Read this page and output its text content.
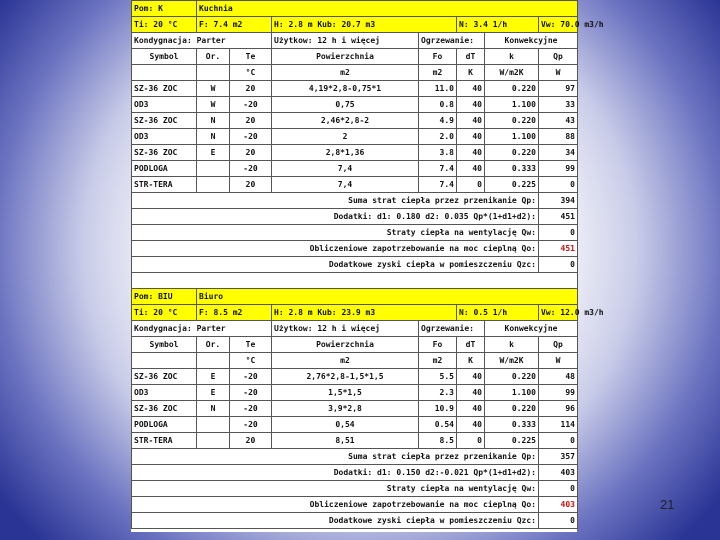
Pom: K	Kuchnia						
Ti: 20 °C	F: 7.4 m2		H: 2.8 m Kub: 20.7 m3		N: 3.4 1/h		Vw: 70.0 m3/h
Kondygnacja: Parter			Użytkow: 12 h i więcej	Ogrzewanie:		Konwekcyjne	
Symbol	Or.	Te	Powierzchnia	Fo	dT	k	Qp
		°C	m2	m2	K	W/m2K	W
SZ-36 ZOC	W	20	4,19*2,8-0,75*1	11.0	40	0.220	97
OD3	W	-20	0,75	0.8	40	1.100	33
SZ-36 ZOC	N	20	2,46*2,8-2	4.9	40	0.220	43
OD3	N	-20	2	2.0	40	1.100	88
SZ-36 ZOC	E	20	2,8*1,36	3.8	40	0.220	34
PODLOGA		-20	7,4	7.4	40	0.333	99
STR-TERA		20	7,4	7.4	0	0.225	0
Suma strat ciepła przez przenikanie Qp:							394
Dodatki: d1: 0.180 d2: 0.035 Qp*(1+d1+d2):							451
Straty ciepła na wentylację Qw:							0
Obliczeniowe zapotrzebowanie na moc cieplną Qo:							451
Dodatkowe zyski ciepła w pomieszczeniu Qzc:							0

Pom: BIU	Biuro						
Ti: 20 °C	F: 8.5 m2		H: 2.8 m Kub: 23.9 m3		N: 0.5 1/h		Vw: 12.0 m3/h
Kondygnacja: Parter			Użytkow: 12 h i więcej	Ogrzewanie:		Konwekcyjne	
Symbol	Or.	Te	Powierzchnia	Fo	dT	k	Qp
		°C	m2	m2	K	W/m2K	W
SZ-36 ZOC	E	-20	2,76*2,8-1,5*1,5	5.5	40	0.220	48
OD3	E	-20	1,5*1,5	2.3	40	1.100	99
SZ-36 ZOC	N	-20	3,9*2,8	10.9	40	0.220	96
PODLOGA		-20	0,54	0.54	40	0.333	114
STR-TERA		20	8,51	8.5	0	0.225	0
Suma strat ciepła przez przenikanie Qp:							357
Dodatki: d1: 0.150 d2:-0.021 Qp*(1+d1+d2):							403
Straty ciepła na wentylację Qw:							0
Obliczeniowe zapotrzebowanie na moc cieplną Qo:							403
Dodatkowe zyski ciepła w pomieszczeniu Qzc:							0
21
